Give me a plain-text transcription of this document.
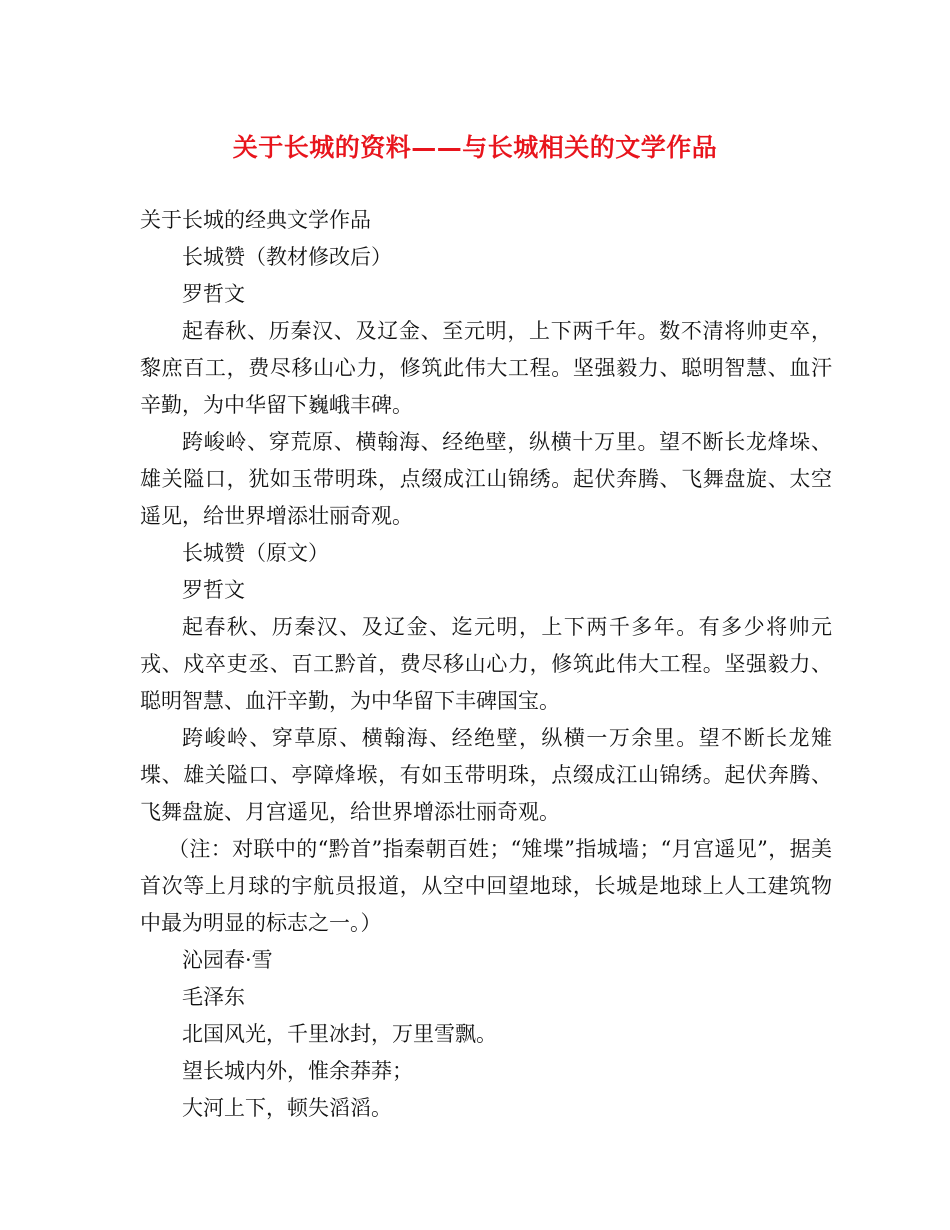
关于长城的资料——与长城相关的文学作品

关于长城的经典文学作品

长城赞（教材修改后）

罗哲文

起春秋、历秦汉、及辽金、至元明，上下两千年。数不清将帅吏卒，黎庶百工，费尽移山心力，修筑此伟大工程。坚强毅力、聪明智慧、血汗辛勤，为中华留下巍峨丰碑。

跨峻岭、穿荒原、横翰海、经绝壁，纵横十万里。望不断长龙烽垛、雄关隘口，犹如玉带明珠，点缀成江山锦绣。起伏奔腾、飞舞盘旋、太空遥见，给世界增添壮丽奇观。

长城赞（原文）

罗哲文

起春秋、历秦汉、及辽金、迄元明，上下两千多年。有多少将帅元戎、戍卒吏丞、百工黔首，费尽移山心力，修筑此伟大工程。坚强毅力、聪明智慧、血汗辛勤，为中华留下丰碑国宝。

跨峻岭、穿草原、横翰海、经绝壁，纵横一万余里。望不断长龙雉堞、雄关隘口、亭障烽堠，有如玉带明珠，点缀成江山锦绣。起伏奔腾、飞舞盘旋、月宫遥见，给世界增添壮丽奇观。

（注：对联中的“黔首”指秦朝百姓；“雉堞”指城墙；“月宫遥见”，据美首次等上月球的宇航员报道，从空中回望地球，长城是地球上人工建筑物中最为明显的标志之一。）

沁园春·雪

毛泽东

北国风光，千里冰封，万里雪飘。

望长城内外，惟余莽莽；

大河上下，顿失滔滔。
